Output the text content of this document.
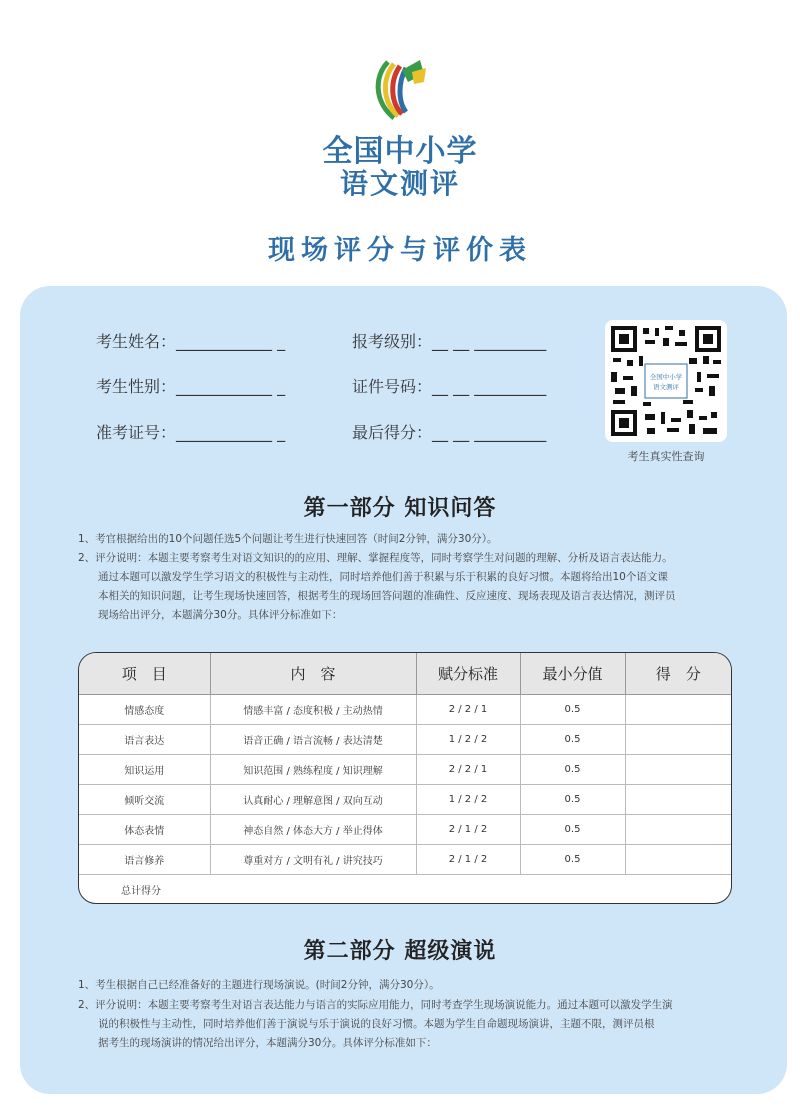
全国中小学
语文测评
现场评分与评价表
考生姓名：____________ _
考生性别：____________ _
准考证号：____________ _
报考级别：__ __ _________
证件号码：__ __ _________
最后得分：__ __ _________
全国中小学
语文测评
考生真实性查询
第一部分 知识问答
1、考官根据给出的10个问题任选5个问题让考生进行快速回答（时间2分钟，满分30分）。
2、评分说明：本题主要考察考生对语文知识的的应用、理解、掌握程度等，同时考察学生对问题的理解、分析及语言表达能力。
通过本题可以激发学生学习语文的积极性与主动性，同时培养他们善于积累与乐于积累的良好习惯。本题将给出10个语文课
本相关的知识问题，让考生现场快速回答，根据考生的现场回答问题的准确性、反应速度、现场表现及语言表达情况，测评员
现场给出评分，本题满分30分。具体评分标准如下：
项　目	内　容	赋分标准	最小分值	得　分
情感态度	情感丰富 / 态度积极 / 主动热情	2 / 2 / 1	0.5	
语言表达	语音正确 / 语言流畅 / 表达清楚	1 / 2 / 2	0.5	
知识运用	知识范围 / 熟练程度 / 知识理解	2 / 2 / 1	0.5	
倾听交流	认真耐心 / 理解意图 / 双向互动	1 / 2 / 2	0.5	
体态表情	神态自然 / 体态大方 / 举止得体	2 / 1 / 2	0.5	
语言修养	尊重对方 / 文明有礼 / 讲究技巧	2 / 1 / 2	0.5	
总计得分				
第二部分 超级演说
1、考生根据自己已经准备好的主题进行现场演说。(时间2分钟，满分30分）。
2、评分说明：本题主要考察考生对语言表达能力与语言的实际应用能力，同时考查学生现场演说能力。通过本题可以激发学生演
说的积极性与主动性，同时培养他们善于演说与乐于演说的良好习惯。本题为学生自命题现场演讲，主题不限，测评员根
据考生的现场演讲的情况给出评分，本题满分30分。具体评分标准如下：
